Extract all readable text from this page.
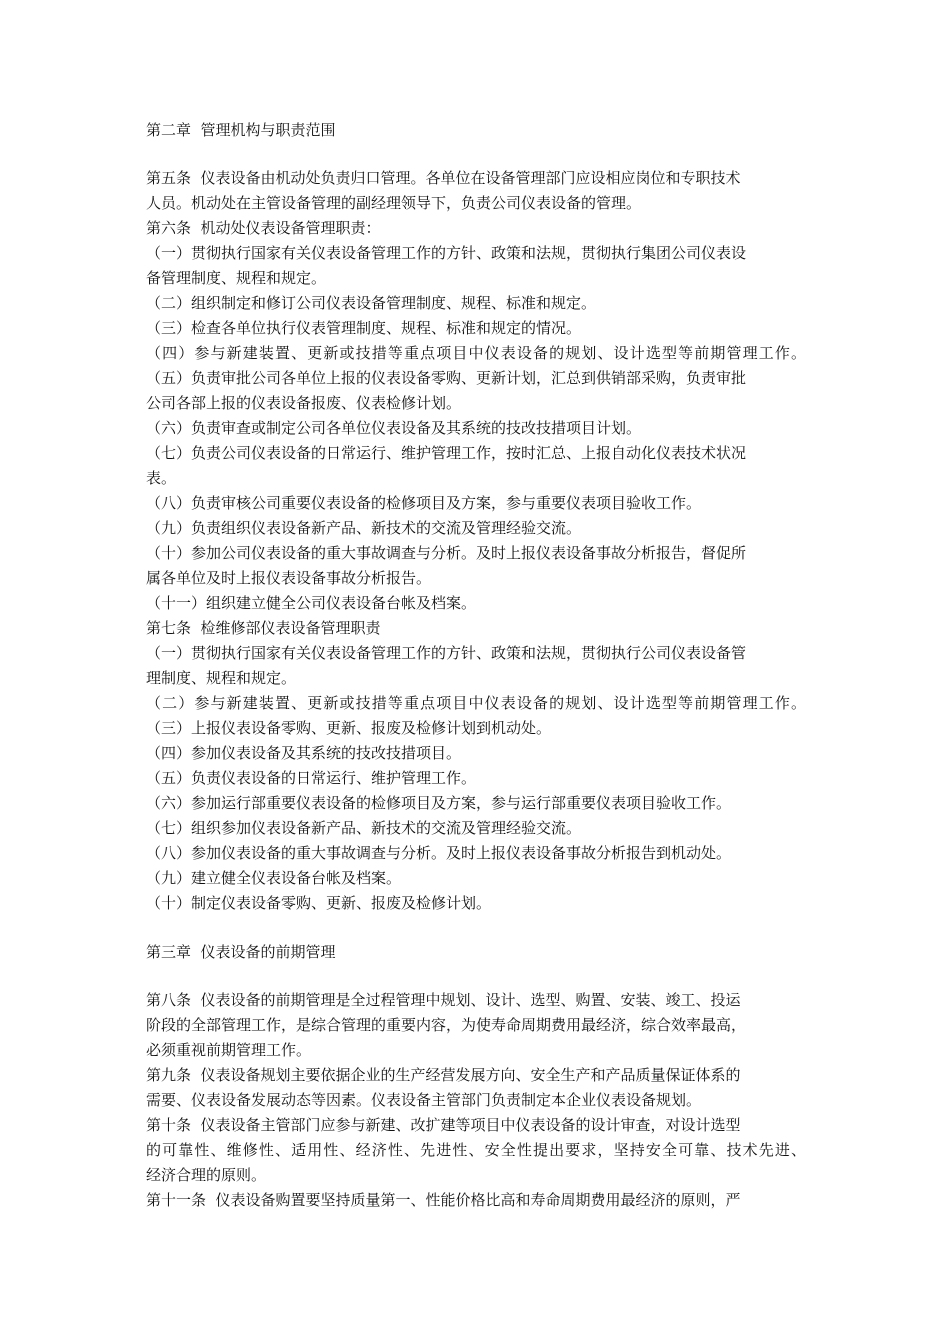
第二章  管理机构与职责范围
第五条  仪表设备由机动处负责归口管理。各单位在设备管理部门应设相应岗位和专职技术
人员。机动处在主管设备管理的副经理领导下，负责公司仪表设备的管理。
第六条  机动处仪表设备管理职责：
（一）贯彻执行国家有关仪表设备管理工作的方针、政策和法规，贯彻执行集团公司仪表设
备管理制度、规程和规定。
（二）组织制定和修订公司仪表设备管理制度、规程、标准和规定。
（三）检查各单位执行仪表管理制度、规程、标准和规定的情况。
（四）参与新建装置、更新或技措等重点项目中仪表设备的规划、设计选型等前期管理工作。
（五）负责审批公司各单位上报的仪表设备零购、更新计划，汇总到供销部采购，负责审批
公司各部上报的仪表设备报废、仪表检修计划。
（六）负责审查或制定公司各单位仪表设备及其系统的技改技措项目计划。
（七）负责公司仪表设备的日常运行、维护管理工作，按时汇总、上报自动化仪表技术状况
表。
（八）负责审核公司重要仪表设备的检修项目及方案，参与重要仪表项目验收工作。
（九）负责组织仪表设备新产品、新技术的交流及管理经验交流。
（十）参加公司仪表设备的重大事故调查与分析。及时上报仪表设备事故分析报告，督促所
属各单位及时上报仪表设备事故分析报告。
（十一）组织建立健全公司仪表设备台帐及档案。
第七条  检维修部仪表设备管理职责
（一）贯彻执行国家有关仪表设备管理工作的方针、政策和法规，贯彻执行公司仪表设备管
理制度、规程和规定。
（二）参与新建装置、更新或技措等重点项目中仪表设备的规划、设计选型等前期管理工作。
（三）上报仪表设备零购、更新、报废及检修计划到机动处。
（四）参加仪表设备及其系统的技改技措项目。
（五）负责仪表设备的日常运行、维护管理工作。
（六）参加运行部重要仪表设备的检修项目及方案，参与运行部重要仪表项目验收工作。
（七）组织参加仪表设备新产品、新技术的交流及管理经验交流。
（八）参加仪表设备的重大事故调查与分析。及时上报仪表设备事故分析报告到机动处。
（九）建立健全仪表设备台帐及档案。
（十）制定仪表设备零购、更新、报废及检修计划。
第三章  仪表设备的前期管理
第八条  仪表设备的前期管理是全过程管理中规划、设计、选型、购置、安装、竣工、投运
阶段的全部管理工作，是综合管理的重要内容，为使寿命周期费用最经济，综合效率最高，
必须重视前期管理工作。
第九条  仪表设备规划主要依据企业的生产经营发展方向、安全生产和产品质量保证体系的
需要、仪表设备发展动态等因素。仪表设备主管部门负责制定本企业仪表设备规划。
第十条  仪表设备主管部门应参与新建、改扩建等项目中仪表设备的设计审查，对设计选型
的可靠性、维修性、适用性、经济性、先进性、安全性提出要求，坚持安全可靠、技术先进、
经济合理的原则。
第十一条  仪表设备购置要坚持质量第一、性能价格比高和寿命周期费用最经济的原则，严
